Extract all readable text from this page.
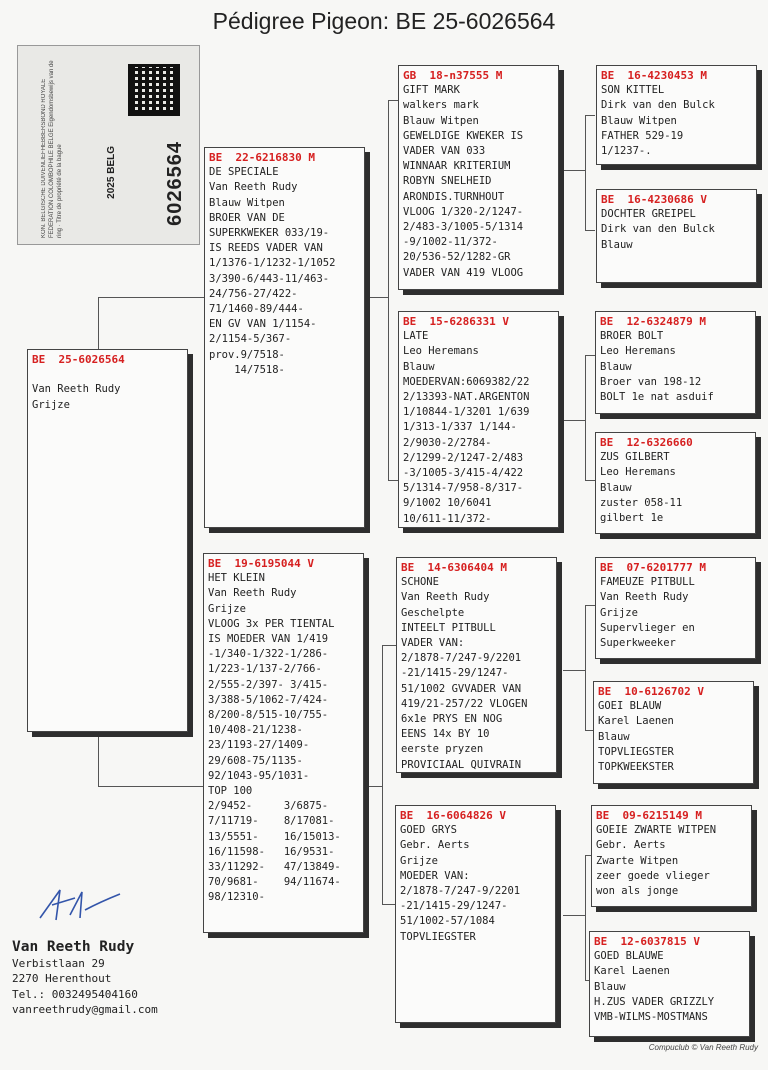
Pédigree Pigeon: BE 25-6026564
KON. BELGISCHE DUIVENLIEFHEBBERSBOND ROYALE FEDERATION COLOMBOPHILE BELGE Eigendomsbewijs van de ring · Titre de propriété de la bague	2025 BELG 6026564
BE  25-6026564

Van Reeth Rudy
Grijze
BE  22-6216830 M
DE SPECIALE
Van Reeth Rudy
Blauw Witpen
BROER VAN DE
SUPERKWEKER 033/19-
IS REEDS VADER VAN
1/1376-1/1232-1/1052
3/390-6/443-11/463-
24/756-27/422-
71/1460-89/444-
EN GV VAN 1/1154-
2/1154-5/367-
prov.9/7518-
14/7518-
BE  19-6195044 V
HET KLEIN
Van Reeth Rudy
Grijze
VLOOG 3x PER TIENTAL
IS MOEDER VAN 1/419
-1/340-1/322-1/286-
1/223-1/137-2/766-
2/555-2/397- 3/415-
3/388-5/1062-7/424-
8/200-8/515-10/755-
10/408-21/1238-
23/1193-27/1409-
29/608-75/1135-
92/1043-95/1031-
TOP 100
2/9452-     3/6875-
7/11719-    8/17081-
13/5551-    16/15013-
16/11598-   16/9531-
33/11292-   47/13849-
70/9681-    94/11674-
98/12310-
GB  18-n37555 M
GIFT MARK
walkers mark
Blauw Witpen
GEWELDIGE KWEKER IS
VADER VAN 033
WINNAAR KRITERIUM
ROBYN SNELHEID
ARONDIS.TURNHOUT
VLOOG 1/320-2/1247-
2/483-3/1005-5/1314
-9/1002-11/372-
20/536-52/1282-GR
VADER VAN 419 VLOOG
BE  15-6286331 V
LATE
Leo Heremans
Blauw
MOEDERVAN:6069382/22
2/13393-NAT.ARGENTON
1/10844-1/3201 1/639
1/313-1/337 1/144-
2/9030-2/2784-
2/1299-2/1247-2/483
-3/1005-3/415-4/422
5/1314-7/958-8/317-
9/1002 10/6041
10/611-11/372-
BE  14-6306404 M
SCHONE
Van Reeth Rudy
Geschelpte
INTEELT PITBULL
VADER VAN:
2/1878-7/247-9/2201
-21/1415-29/1247-
51/1002 GVVADER VAN
419/21-257/22 VLOGEN
6x1e PRYS EN NOG
EENS 14x BY 10
eerste pryzen
PROVICIAAL QUIVRAIN
BE  16-6064826 V
GOED GRYS
Gebr. Aerts
Grijze
MOEDER VAN:
2/1878-7/247-9/2201
-21/1415-29/1247-
51/1002-57/1084
TOPVLIEGSTER
BE  16-4230453 M
SON KITTEL
Dirk van den Bulck
Blauw Witpen
FATHER 529-19
1/1237-.
BE  16-4230686 V
DOCHTER GREIPEL
Dirk van den Bulck
Blauw
BE  12-6324879 M
BROER BOLT
Leo Heremans
Blauw
Broer van 198-12
BOLT 1e nat asduif
BE  12-6326660
ZUS GILBERT
Leo Heremans
Blauw
zuster 058-11
gilbert 1e
BE  07-6201777 M
FAMEUZE PITBULL
Van Reeth Rudy
Grijze
Supervlieger en
Superkweeker
BE  10-6126702 V
GOEI BLAUW
Karel Laenen
Blauw
TOPVLIEGSTER
TOPKWEEKSTER
BE  09-6215149 M
GOEIE ZWARTE WITPEN
Gebr. Aerts
Zwarte Witpen
zeer goede vlieger
won als jonge
BE  12-6037815 V
GOED BLAUWE
Karel Laenen
Blauw
H.ZUS VADER GRIZZLY
VMB-WILMS-MOSTMANS
Van Reeth Rudy
Verbistlaan 29
2270 Herenthout
Tel.: 0032495404160
vanreethrudy@gmail.com
Compuclub © Van Reeth Rudy
